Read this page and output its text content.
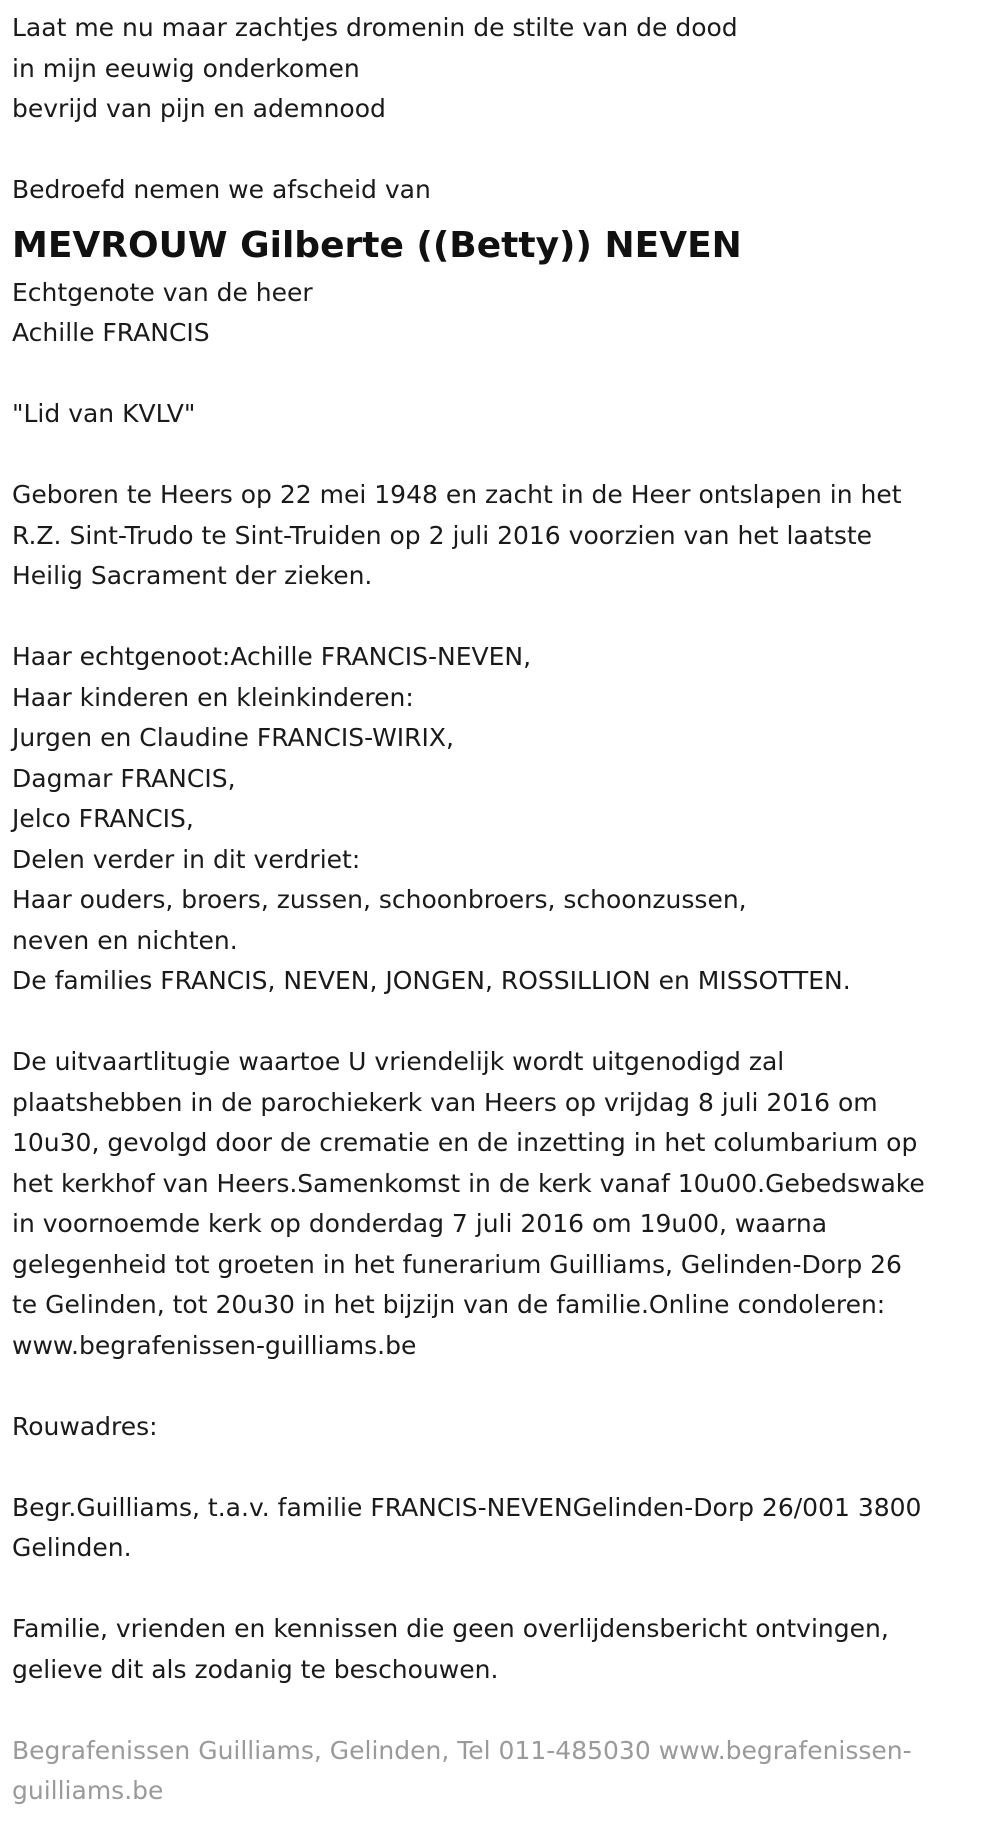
Laat me nu maar zachtjes dromenin de stilte van de dood
in mijn eeuwig onderkomen
bevrijd van pijn en ademnood
Bedroefd nemen we afscheid van
MEVROUW Gilberte ((Betty)) NEVEN
Echtgenote van de heer
Achille FRANCIS
"Lid van KVLV"
Geboren te Heers op 22 mei 1948 en zacht in de Heer ontslapen in het
R.Z. Sint-Trudo te Sint-Truiden op 2 juli 2016 voorzien van het laatste
Heilig Sacrament der zieken.
Haar echtgenoot:Achille FRANCIS-NEVEN,
Haar kinderen en kleinkinderen:
Jurgen en Claudine FRANCIS-WIRIX,
Dagmar FRANCIS,
Jelco FRANCIS,
Delen verder in dit verdriet:
Haar ouders, broers, zussen, schoonbroers, schoonzussen,
neven en nichten.
De families FRANCIS, NEVEN, JONGEN, ROSSILLION en MISSOTTEN.
De uitvaartlitugie waartoe U vriendelijk wordt uitgenodigd zal
plaatshebben in de parochiekerk van Heers op vrijdag 8 juli 2016 om
10u30, gevolgd door de crematie en de inzetting in het columbarium op
het kerkhof van Heers.Samenkomst in de kerk vanaf 10u00.Gebedswake
in voornoemde kerk op donderdag 7 juli 2016 om 19u00, waarna
gelegenheid tot groeten in het funerarium Guilliams, Gelinden-Dorp 26
te Gelinden, tot 20u30 in het bijzijn van de familie.Online condoleren:
www.begrafenissen-guilliams.be
Rouwadres:
Begr.Guilliams, t.a.v. familie FRANCIS-NEVENGelinden-Dorp 26/001 3800
Gelinden.
Familie, vrienden en kennissen die geen overlijdensbericht ontvingen,
gelieve dit als zodanig te beschouwen.
Begrafenissen Guilliams, Gelinden, Tel 011-485030 www.begrafenissen-
guilliams.be
